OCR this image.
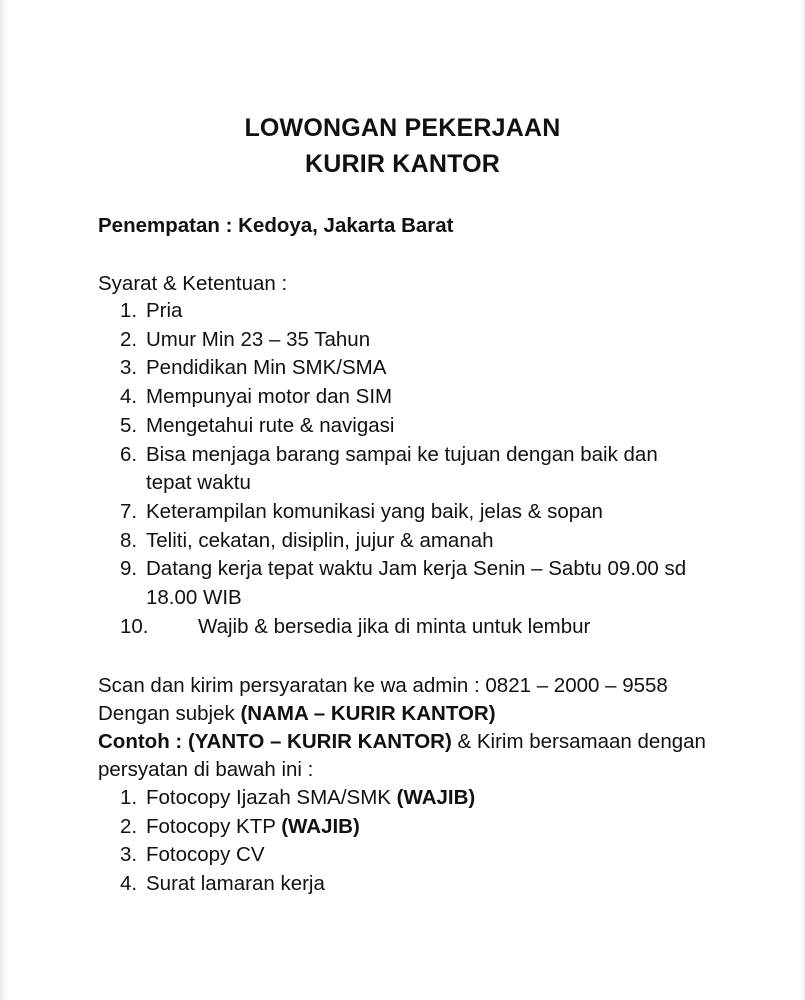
LOWONGAN PEKERJAAN
KURIR KANTOR
Penempatan : Kedoya, Jakarta Barat
Syarat & Ketentuan :
1. Pria
2. Umur Min 23 – 35 Tahun
3. Pendidikan Min SMK/SMA
4. Mempunyai motor dan SIM
5. Mengetahui rute & navigasi
6. Bisa menjaga barang sampai ke tujuan dengan baik dan
tepat waktu
7. Keterampilan komunikasi yang baik, jelas & sopan
8. Teliti, cekatan, disiplin, jujur & amanah
9. Datang kerja tepat waktu Jam kerja Senin – Sabtu 09.00 sd
18.00 WIB
10. Wajib & bersedia jika di minta untuk lembur
Scan dan kirim persyaratan ke wa admin : 0821 – 2000 – 9558
Dengan subjek (NAMA – KURIR KANTOR)
Contoh : (YANTO – KURIR KANTOR) & Kirim bersamaan dengan
persyatan di bawah ini :
1. Fotocopy Ijazah SMA/SMK (WAJIB)
2. Fotocopy KTP (WAJIB)
3. Fotocopy CV
4. Surat lamaran kerja
